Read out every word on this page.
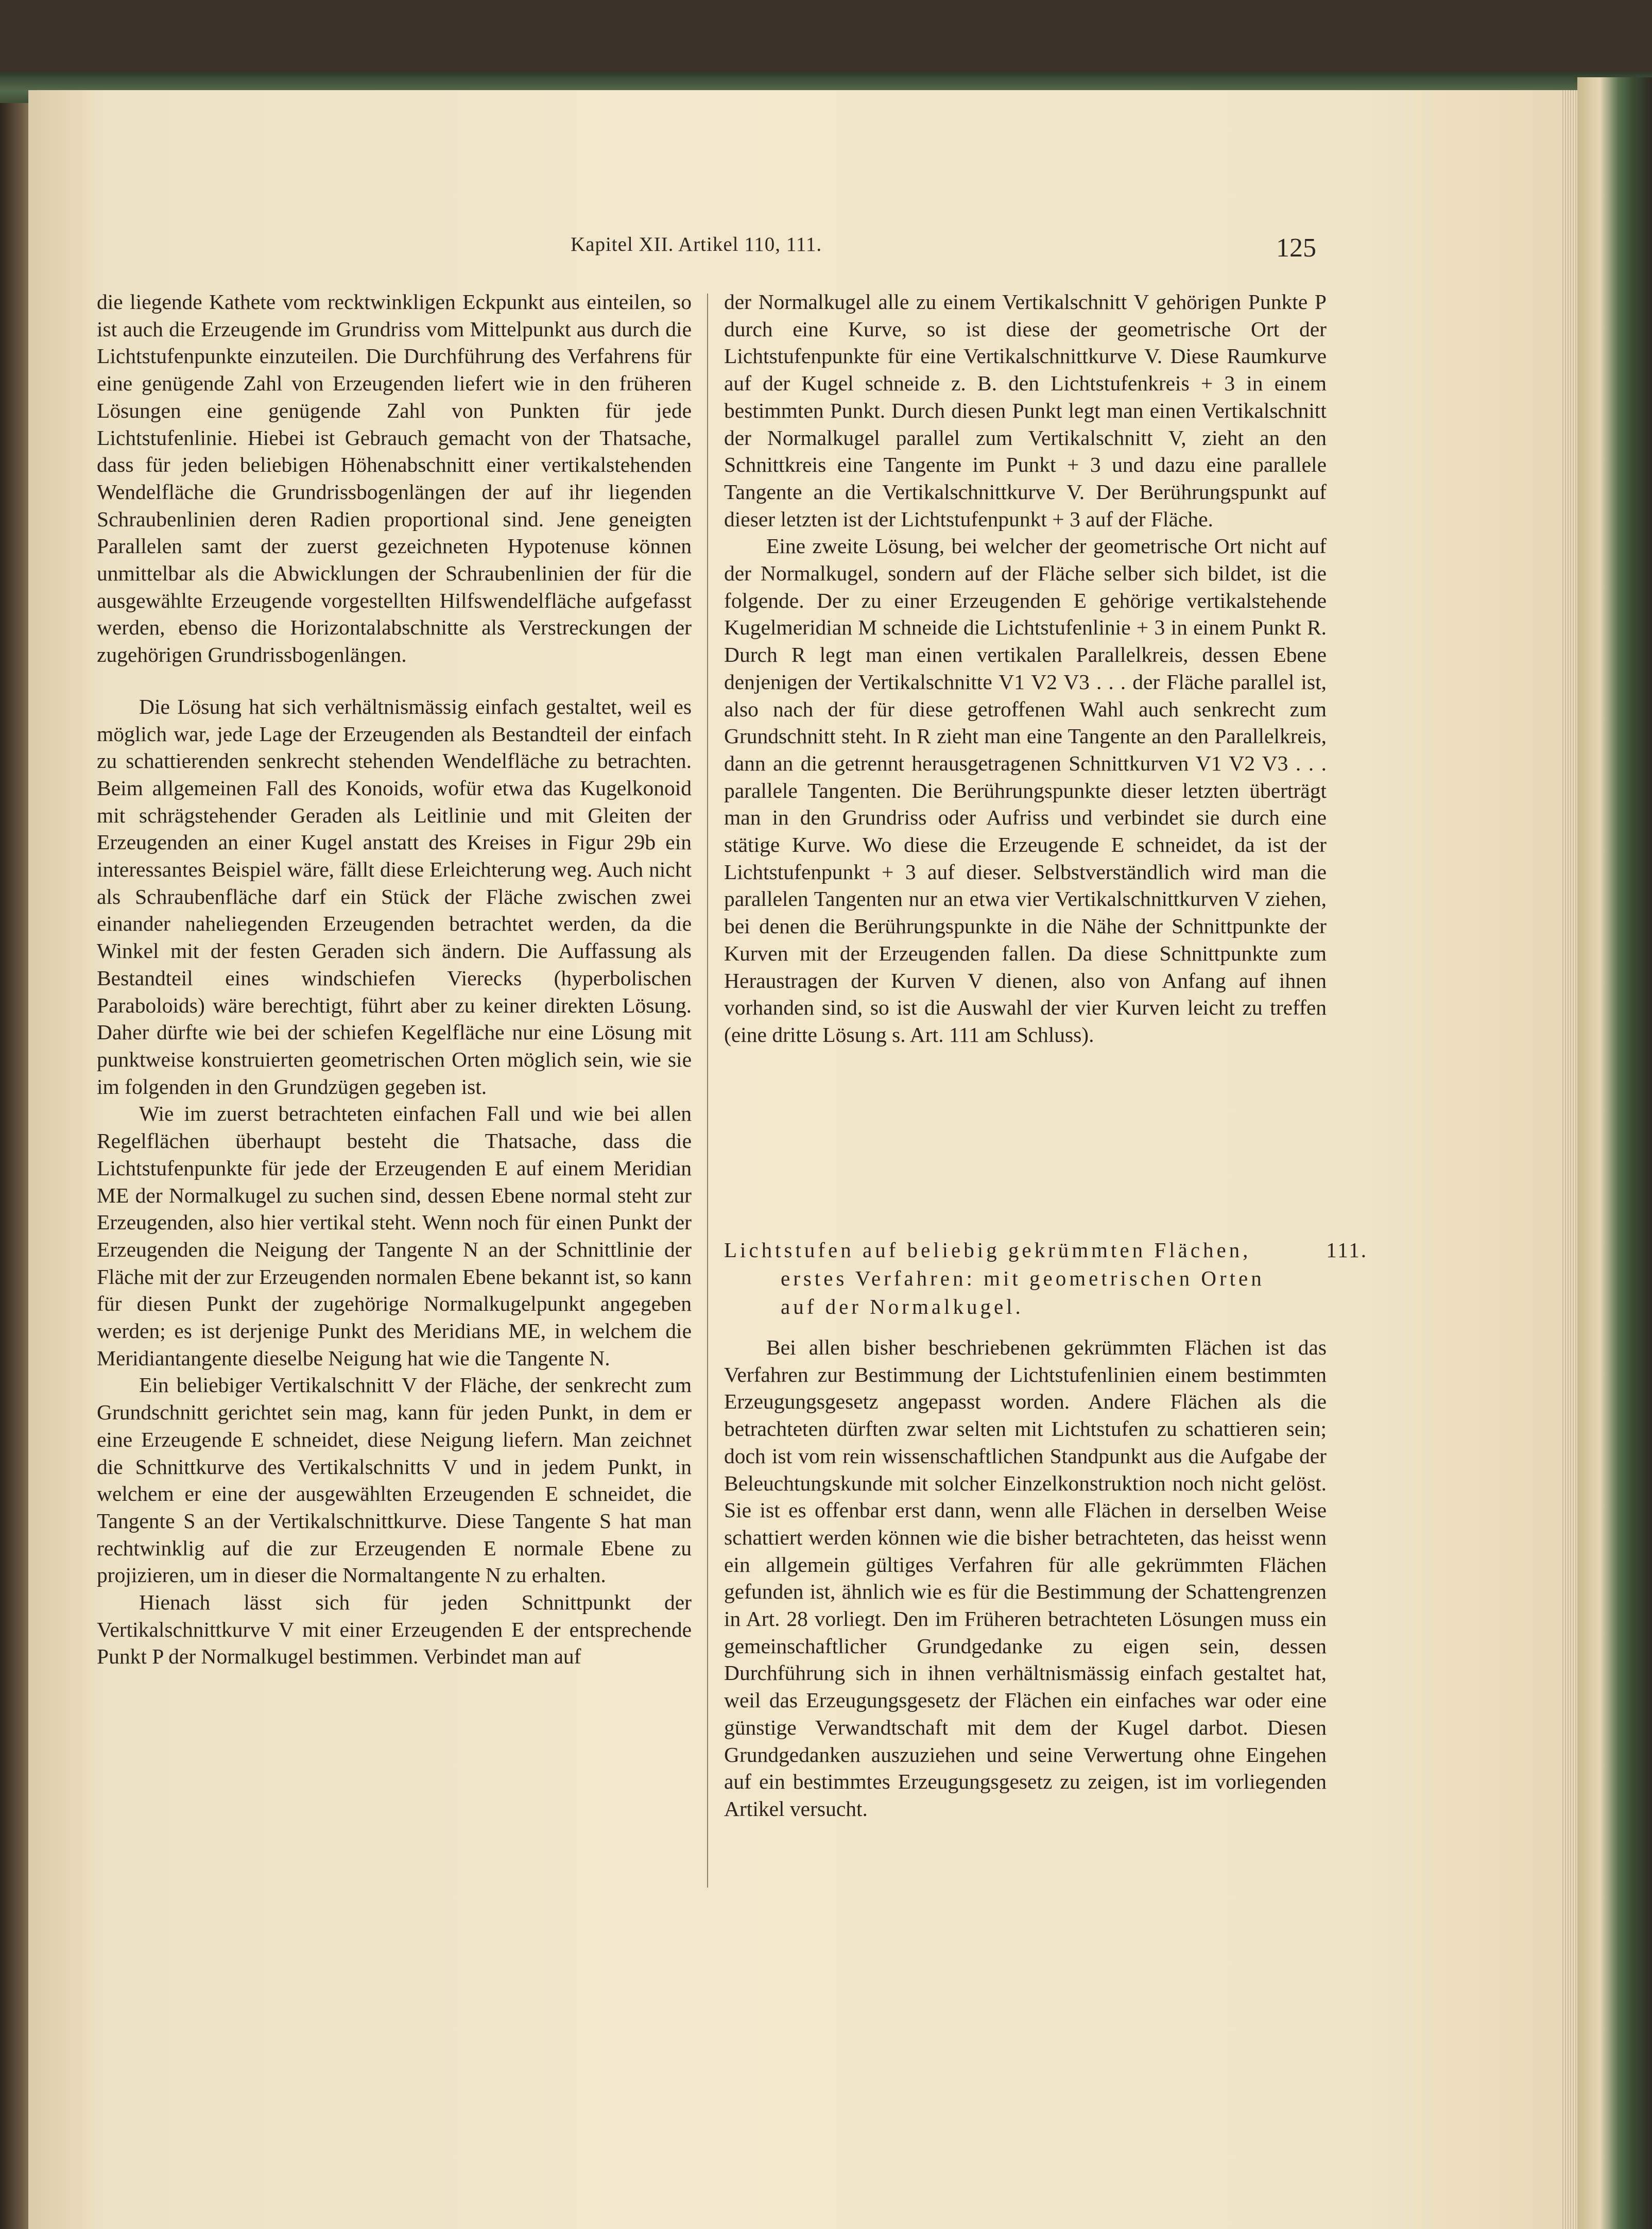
Kapitel XII. Artikel 110, 111.	125

die liegende Kathete vom recktwinkligen Eckpunkt aus einteilen, so ist auch die Erzeugende im Grundriss vom Mittelpunkt aus durch die Lichtstufenpunkte einzuteilen. Die Durchführung des Verfahrens für eine genügende Zahl von Erzeugenden liefert wie in den früheren Lösungen eine genügende Zahl von Punkten für jede Lichtstufenlinie. Hiebei ist Gebrauch gemacht von der Thatsache, dass für jeden beliebigen Höhenabschnitt einer vertikalstehenden Wendelfläche die Grundrissbogenlängen der auf ihr liegenden Schraubenlinien deren Radien proportional sind. Jene geneigten Parallelen samt der zuerst gezeichneten Hypotenuse können unmittelbar als die Abwicklungen der Schraubenlinien der für die ausgewählte Erzeugende vorgestellten Hilfswendelfläche aufgefasst werden, ebenso die Horizontalabschnitte als Verstreckungen der zugehörigen Grundrissbogenlängen.

Die Lösung hat sich verhältnismässig einfach gestaltet, weil es möglich war, jede Lage der Erzeugenden als Bestandteil der einfach zu schattierenden senkrecht stehenden Wendelfläche zu betrachten. Beim allgemeinen Fall des Konoids, wofür etwa das Kugelkonoid mit schrägstehender Geraden als Leitlinie und mit Gleiten der Erzeugenden an einer Kugel anstatt des Kreises in Figur 29b ein interessantes Beispiel wäre, fällt diese Erleichterung weg. Auch nicht als Schraubenfläche darf ein Stück der Fläche zwischen zwei einander naheliegenden Erzeugenden betrachtet werden, da die Winkel mit der festen Geraden sich ändern. Die Auffassung als Bestandteil eines windschiefen Vierecks (hyperbolischen Paraboloids) wäre berechtigt, führt aber zu keiner direkten Lösung. Daher dürfte wie bei der schiefen Kegelfläche nur eine Lösung mit punktweise konstruierten geometrischen Orten möglich sein, wie sie im folgenden in den Grundzügen gegeben ist.

Wie im zuerst betrachteten einfachen Fall und wie bei allen Regelflächen überhaupt besteht die Thatsache, dass die Lichtstufenpunkte für jede der Erzeugenden E auf einem Meridian ME der Normalkugel zu suchen sind, dessen Ebene normal steht zur Erzeugenden, also hier vertikal steht. Wenn noch für einen Punkt der Erzeugenden die Neigung der Tangente N an der Schnittlinie der Fläche mit der zur Erzeugenden normalen Ebene bekannt ist, so kann für diesen Punkt der zugehörige Normalkugelpunkt angegeben werden; es ist derjenige Punkt des Meridians ME, in welchem die Meridiantangente dieselbe Neigung hat wie die Tangente N.

Ein beliebiger Vertikalschnitt V der Fläche, der senkrecht zum Grundschnitt gerichtet sein mag, kann für jeden Punkt, in dem er eine Erzeugende E schneidet, diese Neigung liefern. Man zeichnet die Schnittkurve des Vertikalschnitts V und in jedem Punkt, in welchem er eine der ausgewählten Erzeugenden E schneidet, die Tangente S an der Vertikalschnittkurve. Diese Tangente S hat man rechtwinklig auf die zur Erzeugenden E normale Ebene zu projizieren, um in dieser die Normaltangente N zu erhalten.

Hienach lässt sich für jeden Schnittpunkt der Vertikalschnittkurve V mit einer Erzeugenden E der entsprechende Punkt P der Normalkugel bestimmen. Verbindet man auf

der Normalkugel alle zu einem Vertikalschnitt V gehörigen Punkte P durch eine Kurve, so ist diese der geometrische Ort der Lichtstufenpunkte für eine Vertikalschnittkurve V. Diese Raumkurve auf der Kugel schneide z. B. den Lichtstufenkreis + 3 in einem bestimmten Punkt. Durch diesen Punkt legt man einen Vertikalschnitt der Normalkugel parallel zum Vertikalschnitt V, zieht an den Schnittkreis eine Tangente im Punkt + 3 und dazu eine parallele Tangente an die Vertikalschnittkurve V. Der Berührungspunkt auf dieser letzten ist der Lichtstufenpunkt + 3 auf der Fläche.

Eine zweite Lösung, bei welcher der geometrische Ort nicht auf der Normalkugel, sondern auf der Fläche selber sich bildet, ist die folgende. Der zu einer Erzeugenden E gehörige vertikalstehende Kugelmeridian M schneide die Lichtstufenlinie + 3 in einem Punkt R. Durch R legt man einen vertikalen Parallelkreis, dessen Ebene denjenigen der Vertikalschnitte V1 V2 V3 . . . der Fläche parallel ist, also nach der für diese getroffenen Wahl auch senkrecht zum Grundschnitt steht. In R zieht man eine Tangente an den Parallelkreis, dann an die getrennt herausgetragenen Schnittkurven V1 V2 V3 . . . parallele Tangenten. Die Berührungspunkte dieser letzten überträgt man in den Grundriss oder Aufriss und verbindet sie durch eine stätige Kurve. Wo diese die Erzeugende E schneidet, da ist der Lichtstufenpunkt + 3 auf dieser. Selbstverständlich wird man die parallelen Tangenten nur an etwa vier Vertikalschnittkurven V ziehen, bei denen die Berührungspunkte in die Nähe der Schnittpunkte der Kurven mit der Erzeugenden fallen. Da diese Schnittpunkte zum Heraustragen der Kurven V dienen, also von Anfang auf ihnen vorhanden sind, so ist die Auswahl der vier Kurven leicht zu treffen (eine dritte Lösung s. Art. 111 am Schluss).

Lichtstufen auf beliebig gekrümmten Flächen,
erstes Verfahren: mit geometrischen Orten
auf der Normalkugel.
111.

Bei allen bisher beschriebenen gekrümmten Flächen ist das Verfahren zur Bestimmung der Lichtstufenlinien einem bestimmten Erzeugungsgesetz angepasst worden. Andere Flächen als die betrachteten dürften zwar selten mit Lichtstufen zu schattieren sein; doch ist vom rein wissenschaftlichen Standpunkt aus die Aufgabe der Beleuchtungskunde mit solcher Einzelkonstruktion noch nicht gelöst. Sie ist es offenbar erst dann, wenn alle Flächen in derselben Weise schattiert werden können wie die bisher betrachteten, das heisst wenn ein allgemein gültiges Verfahren für alle gekrümmten Flächen gefunden ist, ähnlich wie es für die Bestimmung der Schattengrenzen in Art. 28 vorliegt. Den im Früheren betrachteten Lösungen muss ein gemeinschaftlicher Grundgedanke zu eigen sein, dessen Durchführung sich in ihnen verhältnismässig einfach gestaltet hat, weil das Erzeugungsgesetz der Flächen ein einfaches war oder eine günstige Verwandtschaft mit dem der Kugel darbot. Diesen Grundgedanken auszuziehen und seine Verwertung ohne Eingehen auf ein bestimmtes Erzeugungsgesetz zu zeigen, ist im vorliegenden Artikel versucht.
